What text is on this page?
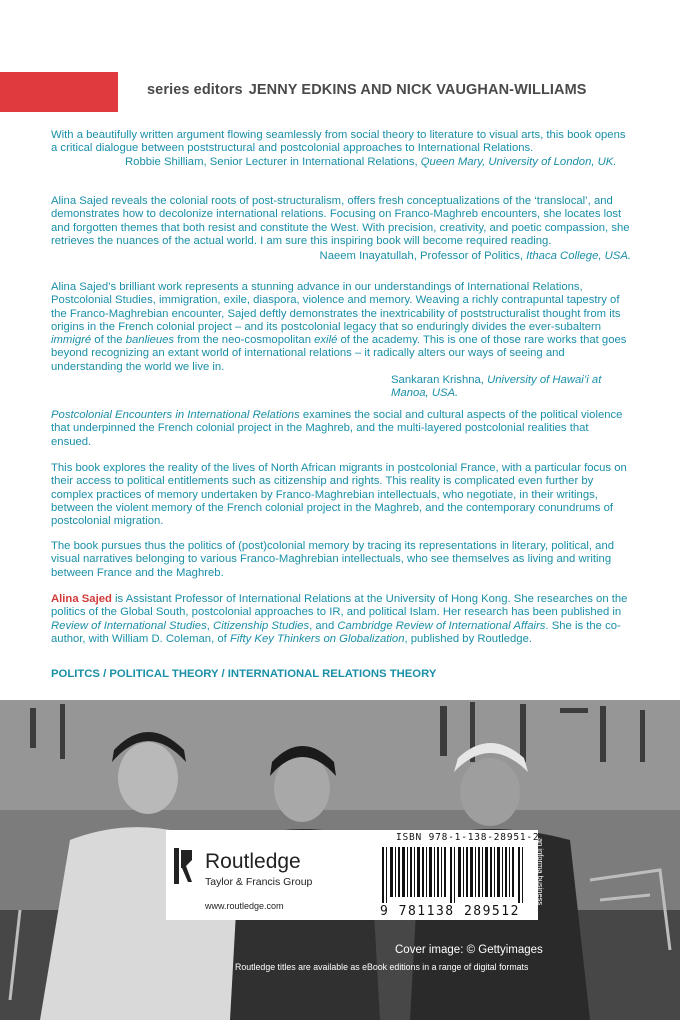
series editors JENNY EDKINS AND NICK VAUGHAN-WILLIAMS

With a beautifully written argument flowing seamlessly from social theory to literature to visual arts, this book opens a critical dialogue between poststructural and postcolonial approaches to International Relations.

Robbie Shilliam, Senior Lecturer in International Relations, Queen Mary, University of London, UK.

Alina Sajed reveals the colonial roots of post-structuralism, offers fresh conceptualizations of the ‘translocal’, and demonstrates how to decolonize international relations. Focusing on Franco-Maghreb encounters, she locates lost and forgotten themes that both resist and constitute the West. With precision, creativity, and poetic compassion, she retrieves the nuances of the actual world. I am sure this inspiring book will become required reading.
Naeem Inayatullah, Professor of Politics, Ithaca College, USA.

Alina Sajed’s brilliant work represents a stunning advance in our understandings of International Relations, Postcolonial Studies, immigration, exile, diaspora, violence and memory. Weaving a richly contrapuntal tapestry of the Franco-Maghrebian encounter, Sajed deftly demonstrates the inextricability of poststructuralist thought from its origins in the French colonial project – and its postcolonial legacy that so enduringly divides the ever-subaltern immigré of the banlieues from the neo-cosmopolitan exilé of the academy. This is one of those rare works that goes beyond recognizing an extant world of international relations – it radically alters our ways of seeing and understanding the world we live in.

Sankaran Krishna, University of Hawai’i at Manoa, USA.

Postcolonial Encounters in International Relations examines the social and cultural aspects of the political violence that underpinned the French colonial project in the Maghreb, and the multi-layered postcolonial realities that ensued.

This book explores the reality of the lives of North African migrants in postcolonial France, with a particular focus on their access to political entitlements such as citizenship and rights. This reality is complicated even further by complex practices of memory undertaken by Franco-Maghrebian intellectuals, who negotiate, in their writings, between the violent memory of the French colonial project in the Maghreb, and the contemporary conundrums of postcolonial migration.

The book pursues thus the politics of (post)colonial memory by tracing its representations in literary, political, and visual narratives belonging to various Franco-Maghrebian intellectuals, who see themselves as living and writing between France and the Maghreb.

Alina Sajed is Assistant Professor of International Relations at the University of Hong Kong. She researches on the politics of the Global South, postcolonial approaches to IR, and political Islam. Her research has been published in Review of International Studies, Citizenship Studies, and Cambridge Review of International Affairs. She is the co-author, with William D. Coleman, of Fifty Key Thinkers on Globalization, published by Routledge.

POLITCS / POLITICAL THEORY / INTERNATIONAL RELATIONS THEORY
Routledge
Taylor & Francis Group
www.routledge.com
ISBN 978-1-138-28951-2
9 781138 289512
an informa business
Cover image: © Gettyimages
Routledge titles are available as eBook editions in a range of digital formats
